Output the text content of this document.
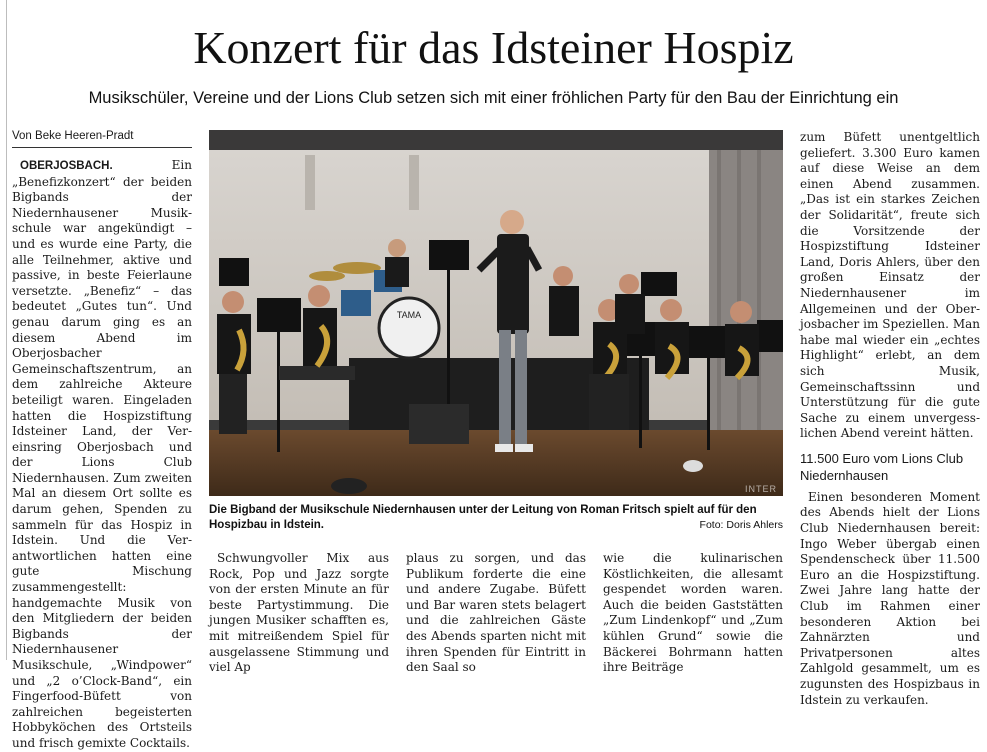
Konzert für das Idsteiner Hospiz
Musikschüler, Vereine und der Lions Club setzen sich mit einer fröhlichen Party für den Bau der Einrichtung ein
Von Beke Heeren-Pradt

OBERJOSBACH. Ein „Benefizkonzert“ der beiden Bigbands der Niedernhausener Musikschule war angekündigt – und es wurde eine Party, die alle Teilnehmer, aktive und passive, in beste Feierlaune versetzte. „Benefiz“ – das bedeutet „Gutes tun“. Und genau darum ging es an diesem Abend im Oberjosbacher Gemeinschaftszentrum, an dem zahlreiche Akteure beteiligt waren. Eingeladen hatten die Hospizstiftung Idsteiner Land, der Vereinsring Oberjosbach und der Lions Club Niedernhausen. Zum zweiten Mal an diesem Ort sollte es darum gehen, Spenden zu sammeln für das Hospiz in Idstein. Und die Verantwortlichen hatten eine gute Mischung zusammengestellt: handgemachte Musik von den Mitgliedern der beiden Bigbands der Niedernhausener Musikschule, „Windpower“ und „2 o’Clock-Band“, ein Fingerfood-Büfett von zahlreichen begeisterten Hobbyköchen des Ortsteils und frisch gemixte Cocktails.

TAMA
INTER
Die Bigband der Musikschule Niedernhausen unter der Leitung von Roman Fritsch spielt auf für den Hospizbau in Idstein.	Foto: Doris Ahlers

Schwungvoller Mix aus Rock, Pop und Jazz sorgte von der ersten Minute an für beste Partystimmung. Die jungen Musiker schafften es, mit mitreißendem Spiel für ausgelassene Stimmung und viel Ap

plaus zu sorgen, und das Publikum forderte die eine und andere Zugabe. Büfett und Bar waren stets belagert und die zahlreichen Gäste des Abends sparten nicht mit ihren Spenden für Eintritt in den Saal so

wie die kulinarischen Köstlichkeiten, die allesamt gespendet worden waren. Auch die beiden Gaststätten „Zum Lindenkopf“ und „Zum kühlen Grund“ sowie die Bäckerei Bohrmann hatten ihre Beiträge

zum Büfett unentgeltlich geliefert. 3.300 Euro kamen auf diese Weise an dem einen Abend zusammen. „Das ist ein starkes Zeichen der Solidarität“, freute sich die Vorsitzende der Hospizstiftung Idsteiner Land, Doris Ahlers, über den großen Einsatz der Niedernhausener im Allgemeinen und der Oberjosbacher im Speziellen. Man habe mal wieder ein „echtes Highlight“ erlebt, an dem sich Musik, Gemeinschaftssinn und Unterstützung für die gute Sache zu einem unvergesslichen Abend vereint hätten.

11.500 Euro vom Lions Club Niedernhausen

Einen besonderen Moment des Abends hielt der Lions Club Niedernhausen bereit: Ingo Weber übergab einen Spendenscheck über 11.500 Euro an die Hospizstiftung. Zwei Jahre lang hatte der Club im Rahmen einer besonderen Aktion bei Zahnärzten und Privatpersonen altes Zahlgold gesammelt, um es zugunsten des Hospizbaus in Idstein zu verkaufen.
